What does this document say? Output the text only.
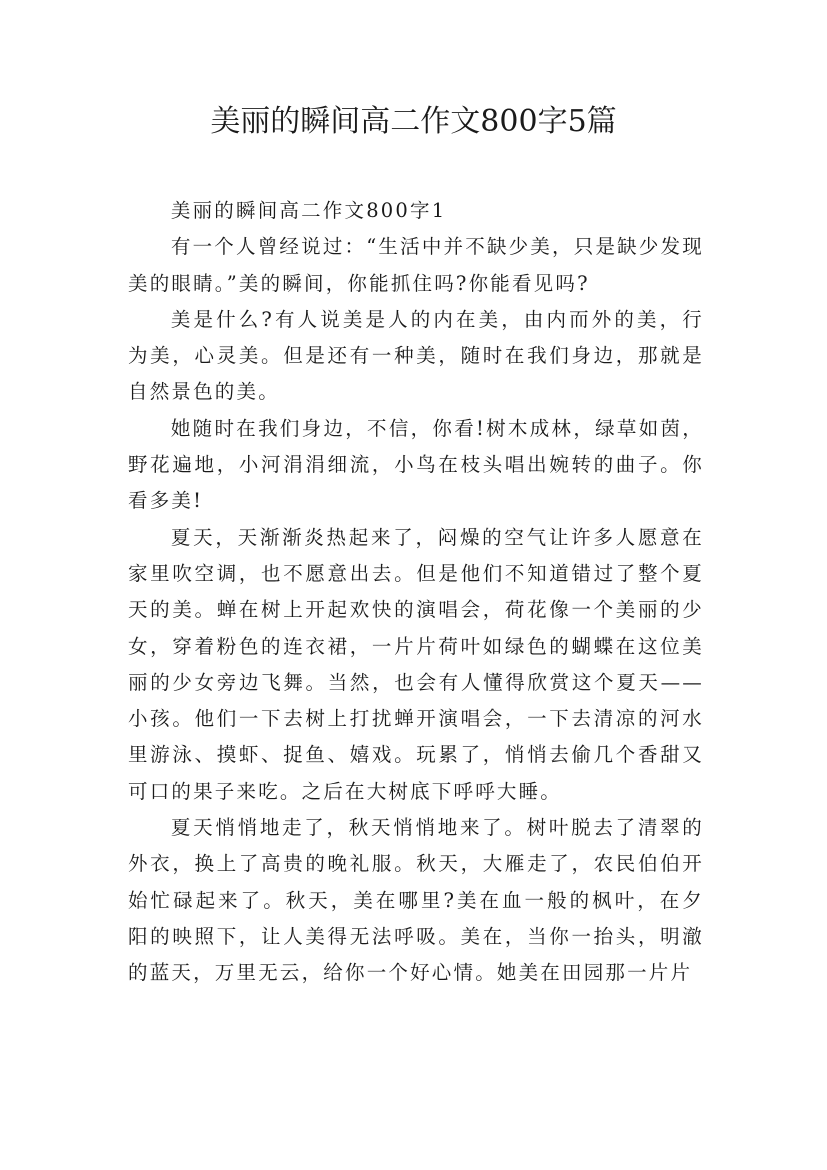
美丽的瞬间高二作文800字5篇

美丽的瞬间高二作文800字1

有一个人曾经说过：“生活中并不缺少美，只是缺少发现美的眼睛。”美的瞬间，你能抓住吗?你能看见吗?

美是什么?有人说美是人的内在美，由内而外的美，行为美，心灵美。但是还有一种美，随时在我们身边，那就是自然景色的美。

她随时在我们身边，不信，你看!树木成林，绿草如茵，野花遍地，小河涓涓细流，小鸟在枝头唱出婉转的曲子。你看多美!

夏天，天渐渐炎热起来了，闷燥的空气让许多人愿意在家里吹空调，也不愿意出去。但是他们不知道错过了整个夏天的美。蝉在树上开起欢快的演唱会，荷花像一个美丽的少女，穿着粉色的连衣裙，一片片荷叶如绿色的蝴蝶在这位美丽的少女旁边飞舞。当然，也会有人懂得欣赏这个夏天——小孩。他们一下去树上打扰蝉开演唱会，一下去清凉的河水里游泳、摸虾、捉鱼、嬉戏。玩累了，悄悄去偷几个香甜又可口的果子来吃。之后在大树底下呼呼大睡。

夏天悄悄地走了，秋天悄悄地来了。树叶脱去了清翠的外衣，换上了高贵的晚礼服。秋天，大雁走了，农民伯伯开始忙碌起来了。秋天，美在哪里?美在血一般的枫叶，在夕阳的映照下，让人美得无法呼吸。美在，当你一抬头，明澈的蓝天，万里无云，给你一个好心情。她美在田园那一片片
